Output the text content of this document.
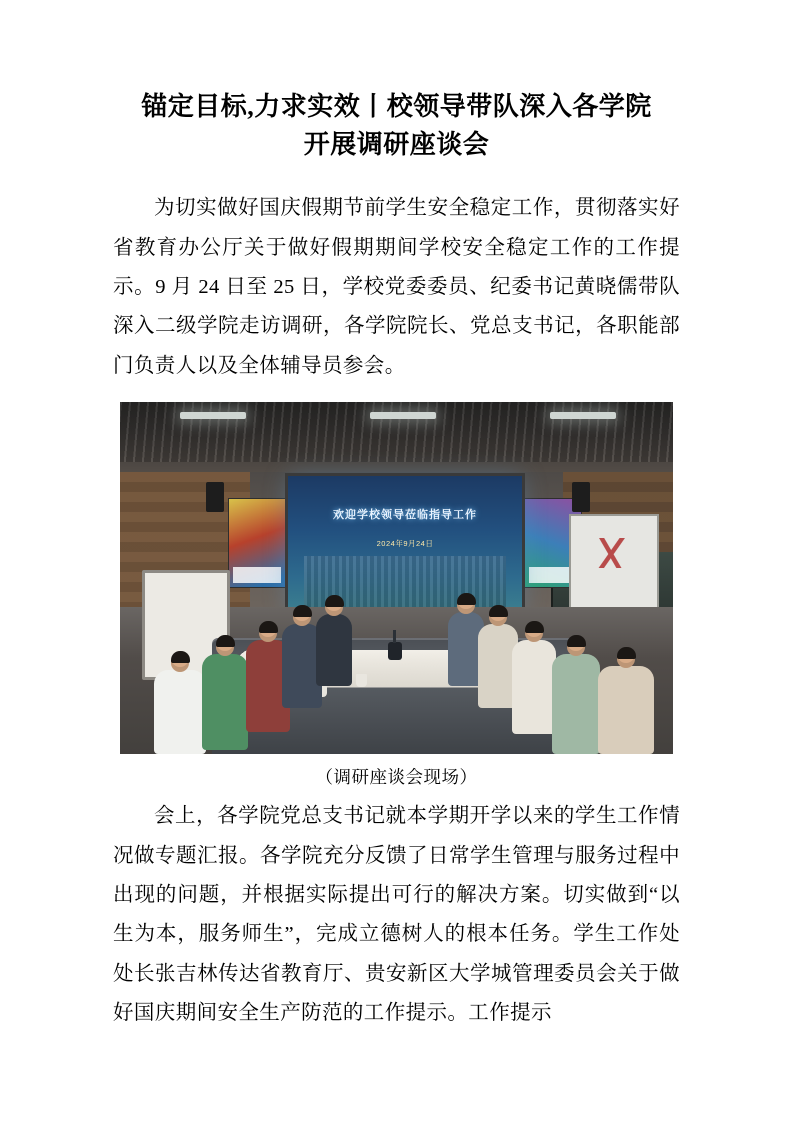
锚定目标,力求实效丨校领导带队深入各学院
开展调研座谈会

为切实做好国庆假期节前学生安全稳定工作，贯彻落实好省教育办公厅关于做好假期期间学校安全稳定工作的工作提示。9 月 24 日至 25 日，学校党委委员、纪委书记黄晓儒带队深入二级学院走访调研，各学院院长、党总支书记，各职能部门负责人以及全体辅导员参会。

欢迎学校领导莅临指导工作
2024年9月24日
（调研座谈会现场）

会上，各学院党总支书记就本学期开学以来的学生工作情况做专题汇报。各学院充分反馈了日常学生管理与服务过程中出现的问题，并根据实际提出可行的解决方案。切实做到“以生为本，服务师生”，完成立德树人的根本任务。学生工作处处长张吉林传达省教育厅、贵安新区大学城管理委员会关于做好国庆期间安全生产防范的工作提示。工作提示
